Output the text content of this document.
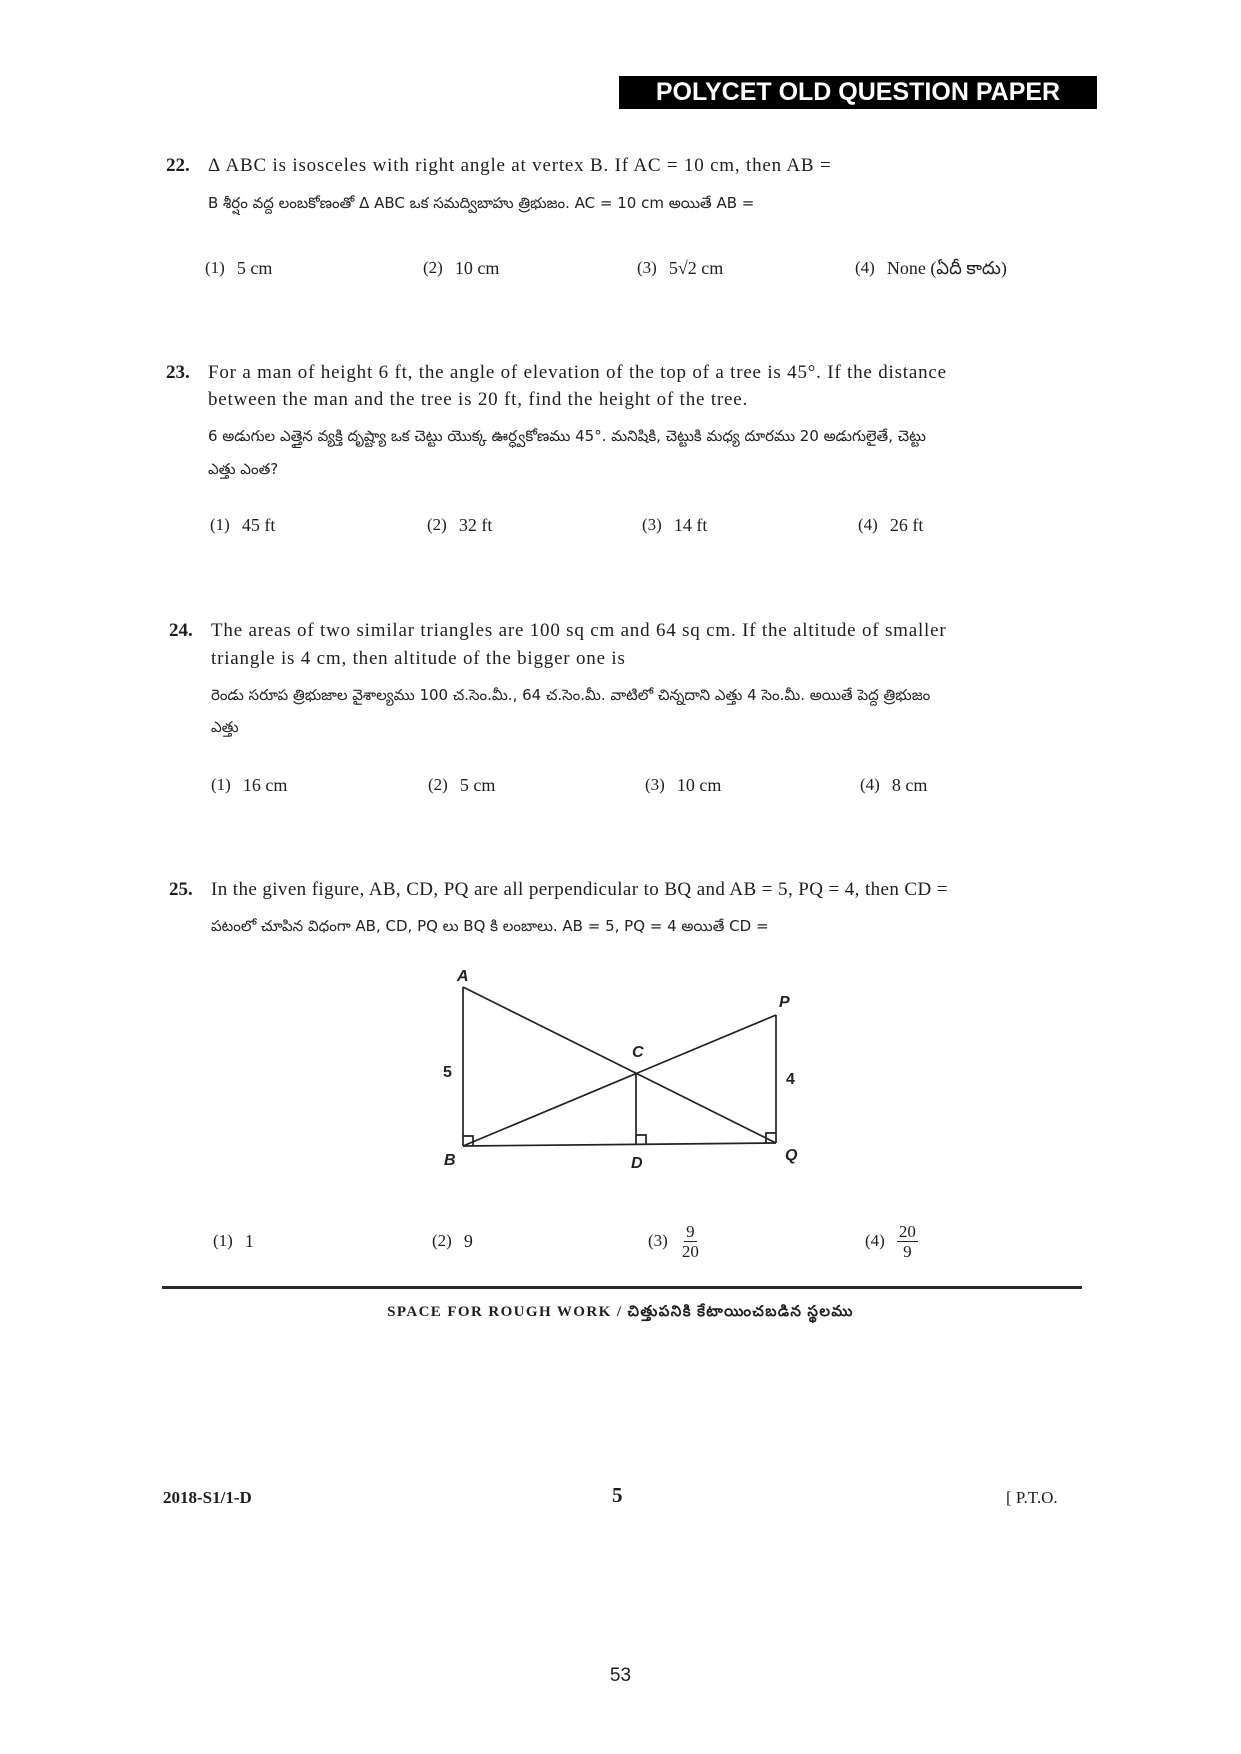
POLYCET OLD QUESTION PAPER
22. Δ ABC is isosceles with right angle at vertex B. If AC = 10 cm, then AB =
B శీర్షం వద్ద లంబకోణంతో Δ ABC ఒక సమద్విబాహు త్రిభుజం. AC = 10 cm అయితే AB =
(1) 5 cm	(2) 10 cm	(3) 5√2 cm	(4) None (ఏదీ కాదు)
23. For a man of height 6 ft, the angle of elevation of the top of a tree is 45°. If the distance
between the man and the tree is 20 ft, find the height of the tree.
6 అడుగుల ఎత్తైన వ్యక్తి దృష్ట్యా ఒక చెట్టు యొక్క ఊర్ధ్వకోణము 45°. మనిషికి, చెట్టుకి మధ్య దూరము 20 అడుగులైతే, చెట్టు
ఎత్తు ఎంత?
(1) 45 ft	(2) 32 ft	(3) 14 ft	(4) 26 ft
24. The areas of two similar triangles are 100 sq cm and 64 sq cm. If the altitude of smaller
triangle is 4 cm, then altitude of the bigger one is
రెండు సరూప త్రిభుజాల వైశాల్యము 100 చ.సెం.మీ., 64 చ.సెం.మీ. వాటిలో చిన్నదాని ఎత్తు 4 సెం.మీ. అయితే పెద్ద త్రిభుజం
ఎత్తు
(1) 16 cm	(2) 5 cm	(3) 10 cm	(4) 8 cm
25. In the given figure, AB, CD, PQ are all perpendicular to BQ and AB = 5, PQ = 4, then CD =
పటంలో చూపిన విధంగా AB, CD, PQ లు BQ కి లంబాలు. AB = 5, PQ = 4 అయితే CD =
A
B
C
D
P
Q
5	4
(1) 1	(2) 9	$(3) \frac{9}{20}$	$(4) \frac{20}{9}$
SPACE FOR ROUGH WORK / చిత్తుపనికి కేటాయించబడిన స్థలము
2018-S1/1-D	5	[ P.T.O.
53
